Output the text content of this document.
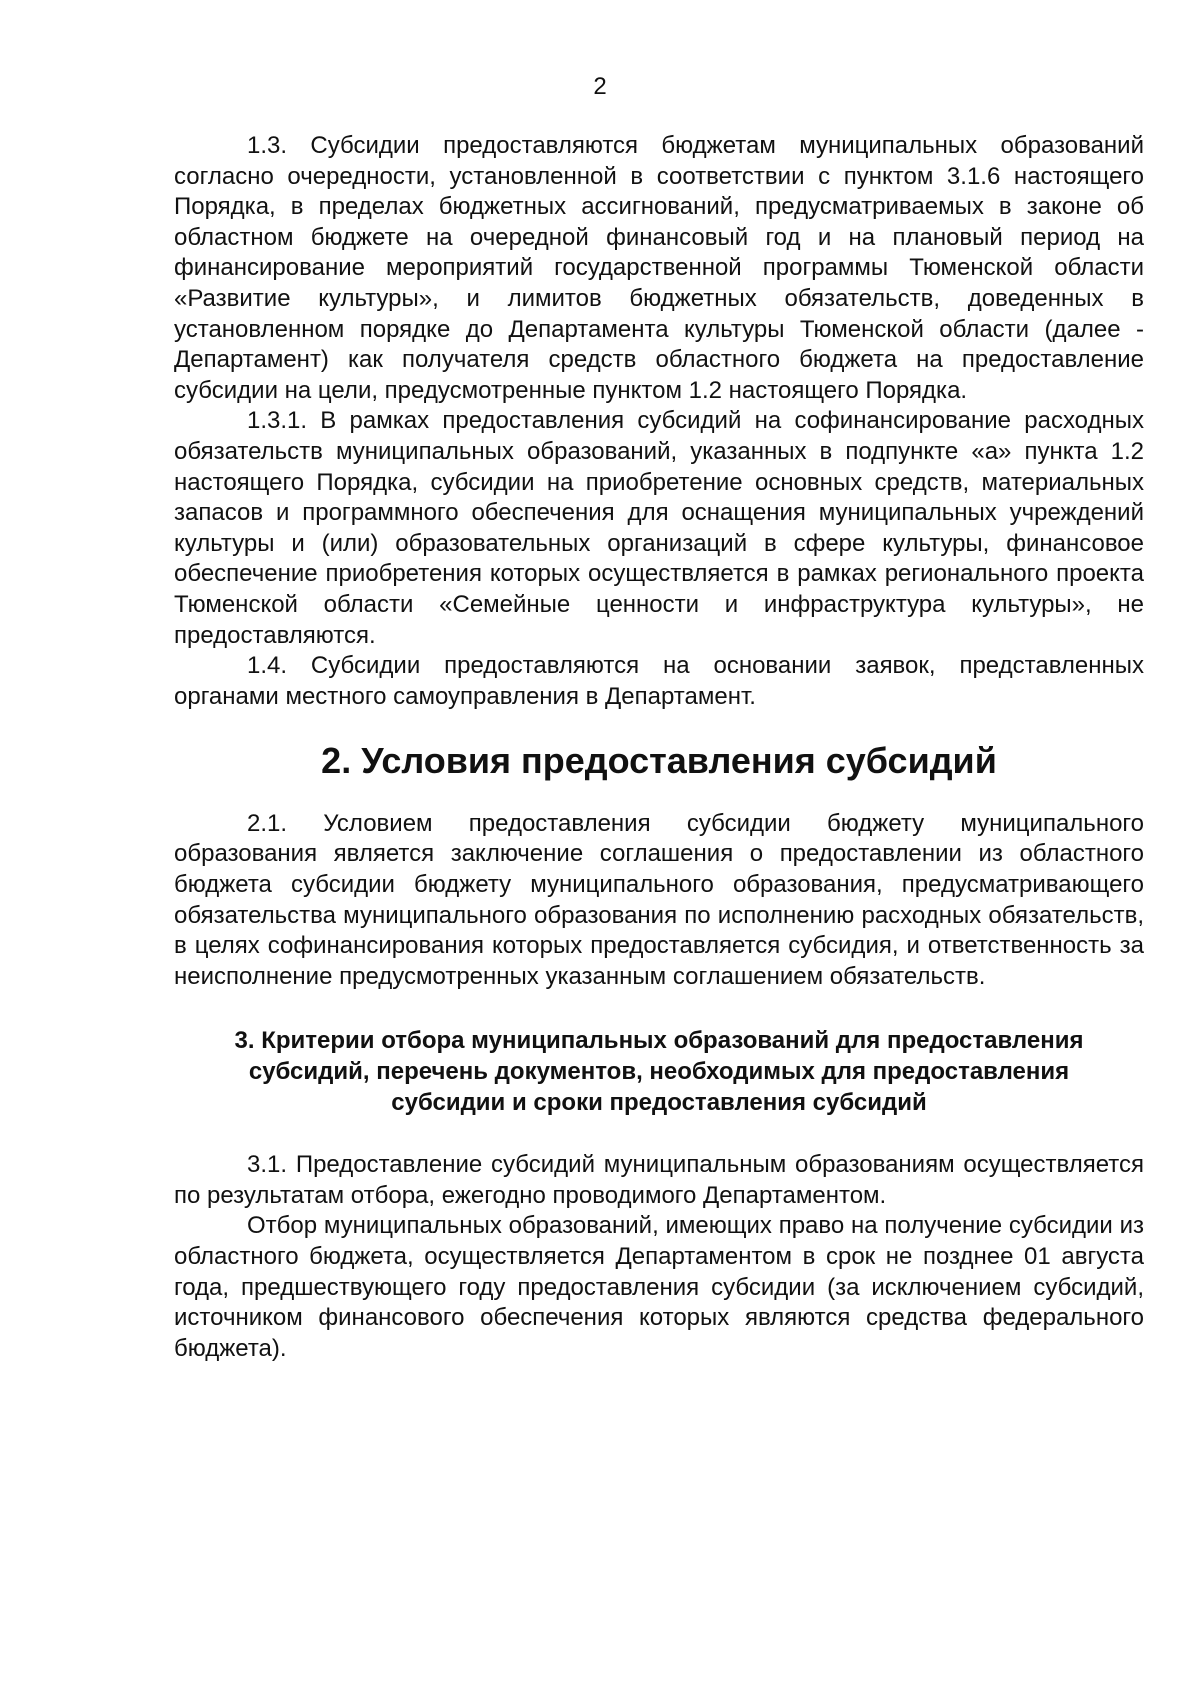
2

1.3. Субсидии предоставляются бюджетам муниципальных образований согласно очередности, установленной в соответствии с пунктом 3.1.6 настоящего Порядка, в пределах бюджетных ассигнований, предусматриваемых в законе об областном бюджете на очередной финансовый год и на плановый период на финансирование мероприятий государственной программы Тюменской области «Развитие культуры», и лимитов бюджетных обязательств, доведенных в установленном порядке до Департамента культуры Тюменской области (далее - Департамент) как получателя средств областного бюджета на предоставление субсидии на цели, предусмотренные пунктом 1.2 настоящего Порядка.

1.3.1. В рамках предоставления субсидий на софинансирование расходных обязательств муниципальных образований, указанных в подпункте «а» пункта 1.2 настоящего Порядка, субсидии на приобретение основных средств, материальных запасов и программного обеспечения для оснащения муниципальных учреждений культуры и (или) образовательных организаций в сфере культуры, финансовое обеспечение приобретения которых осуществляется в рамках регионального проекта Тюменской области «Семейные ценности и инфраструктура культуры», не предоставляются.

1.4. Субсидии предоставляются на основании заявок, представленных органами местного самоуправления в Департамент.

2. Условия предоставления субсидий

2.1. Условием предоставления субсидии бюджету муниципального образования является заключение соглашения о предоставлении из областного бюджета субсидии бюджету муниципального образования, предусматривающего обязательства муниципального образования по исполнению расходных обязательств, в целях софинансирования которых предоставляется субсидия, и ответственность за неисполнение предусмотренных указанным соглашением обязательств.

3. Критерии отбора муниципальных образований для предоставления
субсидий, перечень документов, необходимых для предоставления
субсидии и сроки предоставления субсидий

3.1. Предоставление субсидий муниципальным образованиям осуществляется по результатам отбора, ежегодно проводимого Департаментом.

Отбор муниципальных образований, имеющих право на получение субсидии из областного бюджета, осуществляется Департаментом в срок не позднее 01 августа года, предшествующего году предоставления субсидии (за исключением субсидий, источником финансового обеспечения которых являются средства федерального бюджета).
